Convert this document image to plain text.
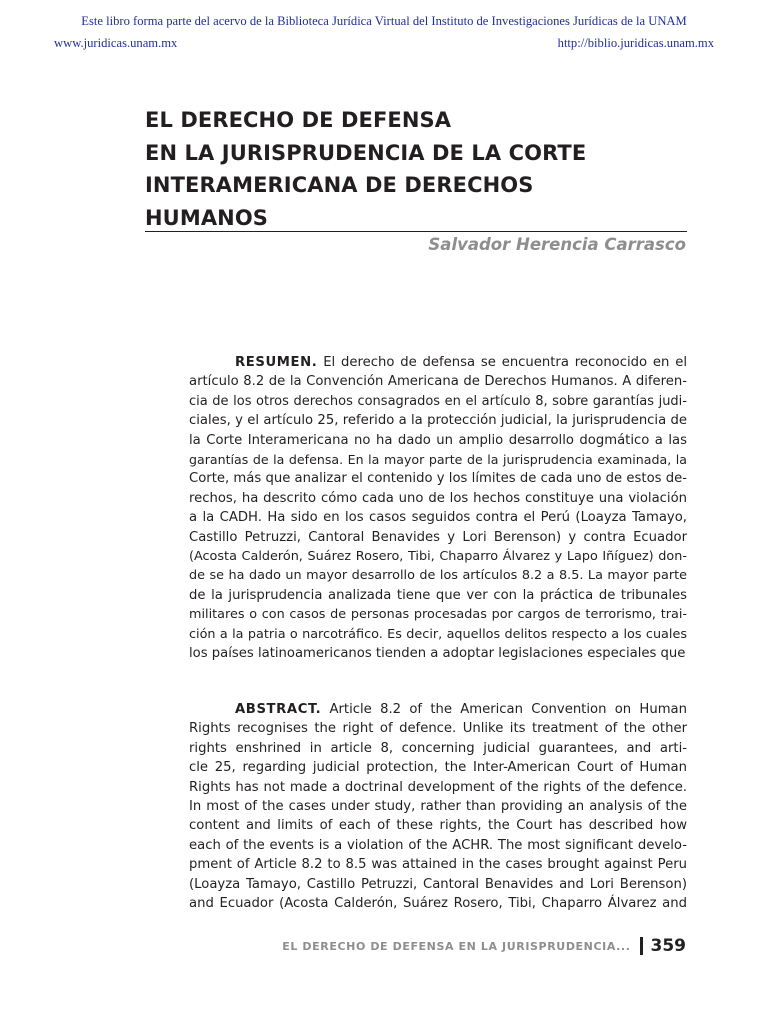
Este libro forma parte del acervo de la Biblioteca Jurídica Virtual del Instituto de Investigaciones Jurídicas de la UNAM
www.juridicas.unam.mx	http://biblio.juridicas.unam.mx
EL DERECHO DE DEFENSA
EN LA JURISPRUDENCIA DE LA CORTE
INTERAMERICANA DE DERECHOS
HUMANOS
Salvador Herencia Carrasco
RESUMEN. El derecho de defensa se encuentra reconocido en el
artículo 8.2 de la Convención Americana de Derechos Humanos. A diferen-
cia de los otros derechos consagrados en el artículo 8, sobre garantías judi-
ciales, y el artículo 25, referido a la protección judicial, la jurisprudencia de
la Corte Interamericana no ha dado un amplio desarrollo dogmático a las
garantías de la defensa. En la mayor parte de la jurisprudencia examinada, la
Corte, más que analizar el contenido y los límites de cada uno de estos de-
rechos, ha descrito cómo cada uno de los hechos constituye una violación
a la CADH. Ha sido en los casos seguidos contra el Perú (Loayza Tamayo,
Castillo Petruzzi, Cantoral Benavides y Lori Berenson) y contra Ecuador
(Acosta Calderón, Suárez Rosero, Tibi, Chaparro Álvarez y Lapo Iñíguez) don-
de se ha dado un mayor desarrollo de los artículos 8.2 a 8.5. La mayor parte
de la jurisprudencia analizada tiene que ver con la práctica de tribunales
militares o con casos de personas procesadas por cargos de terrorismo, trai-
ción a la patria o narcotráfico. Es decir, aquellos delitos respecto a los cuales
los países latinoamericanos tienden a adoptar legislaciones especiales que
ABSTRACT. Article 8.2 of the American Convention on Human
Rights recognises the right of defence. Unlike its treatment of the other
rights enshrined in article 8, concerning judicial guarantees, and arti-
cle 25, regarding judicial protection, the Inter-American Court of Human
Rights has not made a doctrinal development of the rights of the defence.
In most of the cases under study, rather than providing an analysis of the
content and limits of each of these rights, the Court has described how
each of the events is a violation of the ACHR. The most significant develo-
pment of Article 8.2 to 8.5 was attained in the cases brought against Peru
(Loayza Tamayo, Castillo Petruzzi, Cantoral Benavides and Lori Berenson)
and Ecuador (Acosta Calderón, Suárez Rosero, Tibi, Chaparro Álvarez and
EL DERECHO DE DEFENSA EN LA JURISPRUDENCIA... 359
